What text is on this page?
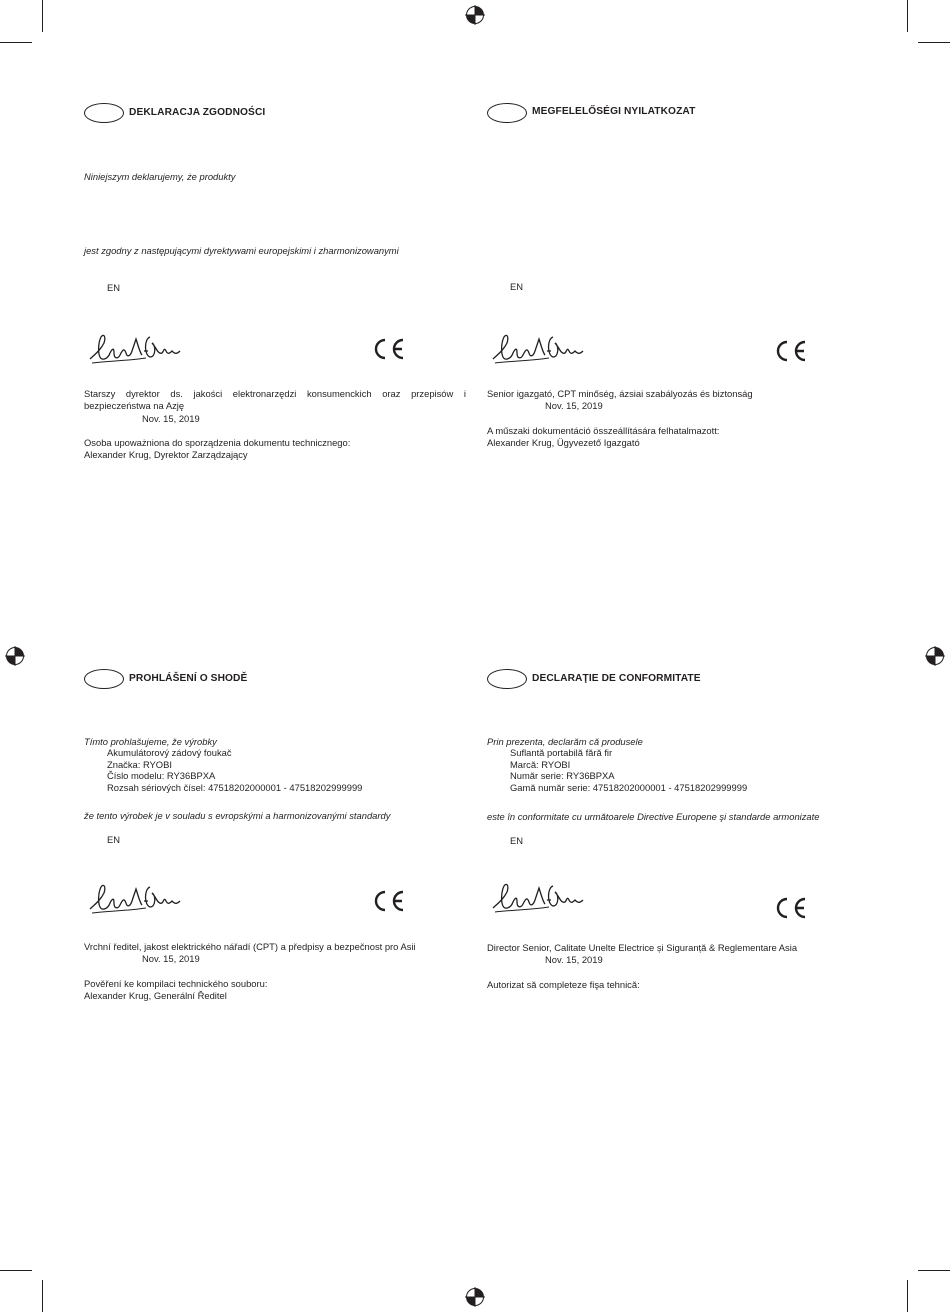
DEKLARACJA ZGODNOŚCI
Niniejszym deklarujemy, że produkty
jest zgodny z następującymi dyrektywami europejskimi i zharmonizowanymi
EN
Starszy dyrektor ds. jakości elektronarzędzi konsumenckich oraz przepisów i bezpieczeństwa na Azję
Nov. 15, 2019
Osoba upoważniona do sporządzenia dokumentu technicznego:
Alexander Krug, Dyrektor Zarządzający
MEGFELELŐSÉGI NYILATKOZAT
EN
Senior igazgató, CPT minőség, ázsiai szabályozás és biztonság
Nov. 15, 2019
A műszaki dokumentáció összeállítására felhatalmazott:
Alexander Krug, Ügyvezető Igazgató
PROHLÁŠENÍ O SHODĚ
Tímto prohlašujeme, že výrobky
Akumulátorový zádový foukač
Značka: RYOBI
Číslo modelu: RY36BPXA
Rozsah sériových čísel: 47518202000001 - 47518202999999
že tento výrobek je v souladu s evropskými a harmonizovanými standardy
EN
Vrchní ředitel, jakost elektrického nářadí (CPT) a předpisy a bezpečnost pro Asii
Nov. 15, 2019
Pověření ke kompilaci technického souboru:
Alexander Krug, Generální Ředitel
DECLARAŢIE DE CONFORMITATE
Prin prezenta, declarăm că produsele
Suflantă portabilă fără fir
Marcă: RYOBI
Număr serie: RY36BPXA
Gamă număr serie: 47518202000001 - 47518202999999
este în conformitate cu următoarele Directive Europene şi standarde armonizate
EN
Director Senior, Calitate Unelte Electrice și Siguranță & Reglementare Asia
Nov. 15, 2019
Autorizat să completeze fişa tehnică:
